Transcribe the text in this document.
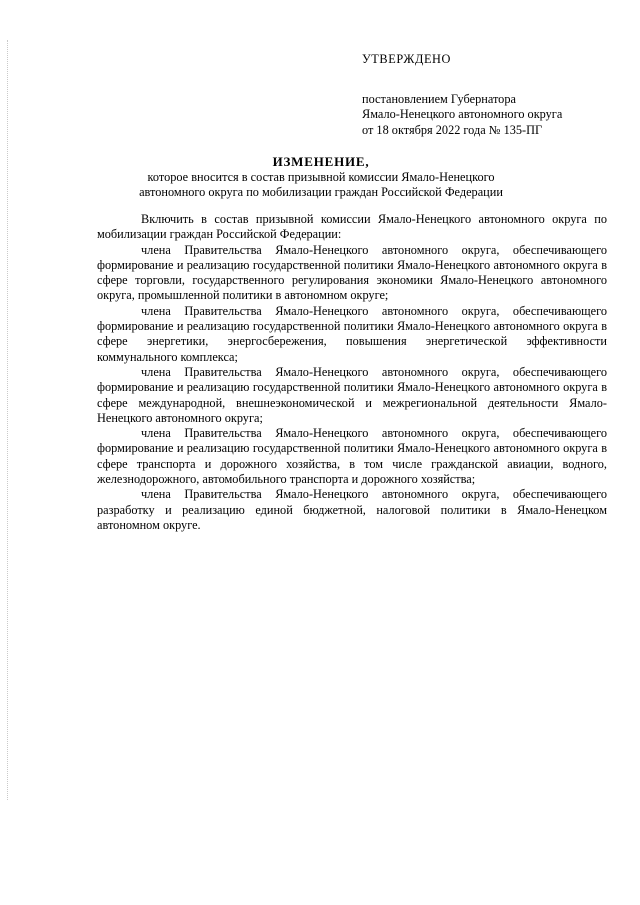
УТВЕРЖДЕНО
постановлением Губернатора
Ямало-Ненецкого автономного округа
от 18 октября 2022 года № 135-ПГ
ИЗМЕНЕНИЕ,
которое вносится в состав призывной комиссии Ямало-Ненецкого
автономного округа по мобилизации граждан Российской Федерации

Включить в состав призывной комиссии Ямало-Ненецкого автономного округа по мобилизации граждан Российской Федерации:

члена Правительства Ямало-Ненецкого автономного округа, обеспечивающего формирование и реализацию государственной политики Ямало-Ненецкого автономного округа в сфере торговли, государственного регулирования экономики Ямало-Ненецкого автономного округа, промышленной политики в автономном округе;

члена Правительства Ямало-Ненецкого автономного округа, обеспечивающего формирование и реализацию государственной политики Ямало-Ненецкого автономного округа в сфере энергетики, энергосбережения, повышения энергетической эффективности коммунального комплекса;

члена Правительства Ямало-Ненецкого автономного округа, обеспечивающего формирование и реализацию государственной политики Ямало-Ненецкого автономного округа в сфере международной, внешнеэкономической и межрегиональной деятельности Ямало-Ненецкого автономного округа;

члена Правительства Ямало-Ненецкого автономного округа, обеспечивающего формирование и реализацию государственной политики Ямало-Ненецкого автономного округа в сфере транспорта и дорожного хозяйства, в том числе гражданской авиации, водного, железнодорожного, автомобильного транспорта и дорожного хозяйства;

члена Правительства Ямало-Ненецкого автономного округа, обеспечивающего разработку и реализацию единой бюджетной, налоговой политики в Ямало-Ненецком автономном округе.
